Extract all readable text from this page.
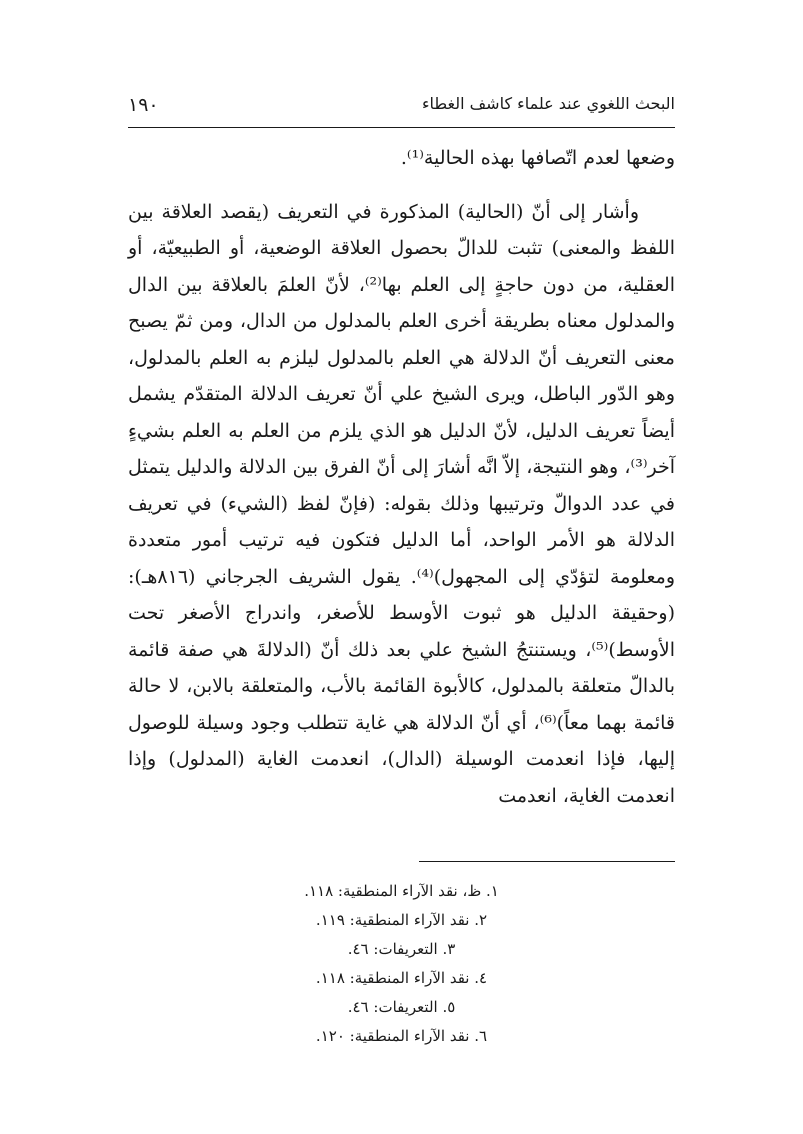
البحث اللغوي عند علماء كاشف الغطاء
١٩٠

وضعها لعدم اتّصافها بهذه الحالية⁽¹⁾.

وأشار إلى أنّ (الحالية) المذكورة في التعريف (يقصد العلاقة بين اللفظ والمعنى) تثبت للدالّ بحصول العلاقة الوضعية، أو الطبيعيّة، أو العقلية، من دون حاجةٍ إلى العلم بها⁽²⁾، لأنّ العلمَ بالعلاقة بين الدال والمدلول معناه بطريقة أخرى العلم بالمدلول من الدال، ومن ثمّ يصبح معنى التعريف أنّ الدلالة هي العلم بالمدلول ليلزم به العلم بالمدلول، وهو الدّور الباطل، ويرى الشيخ علي أنّ تعريف الدلالة المتقدّم يشمل أيضاً تعريف الدليل، لأنّ الدليل هو الذي يلزم من العلم به العلم بشيءٍ آخر⁽³⁾، وهو النتيجة، إلاّ انَّه أشارَ إلى أنّ الفرق بين الدلالة والدليل يتمثل في عدد الدوالّ وترتيبها وذلك بقوله: (فإنّ لفظ (الشيء) في تعريف الدلالة هو الأمر الواحد، أما الدليل فتكون فيه ترتيب أمور متعددة ومعلومة لتؤدّي إلى المجهول)⁽⁴⁾. يقول الشريف الجرجاني (٨١٦هـ): (وحقيقة الدليل هو ثبوت الأوسط للأصغر، واندراج الأصغر تحت الأوسط)⁽⁵⁾، ويستنتجُ الشيخ علي بعد ذلك أنّ (الدلالةَ هي صفة قائمة بالدالّ متعلقة بالمدلول، كالأبوة القائمة بالأب، والمتعلقة بالابن، لا حالة قائمة بهما معاً)⁽⁶⁾، أي أنّ الدلالة هي غاية تتطلب وجود وسيلة للوصول إليها، فإذا انعدمت الوسيلة (الدال)، انعدمت الغاية (المدلول) وإذا انعدمت الغاية، انعدمت

١. ظ، نقد الآراء المنطقية: ١١٨.
٢. نقد الآراء المنطقية: ١١٩.
٣. التعريفات: ٤٦.
٤. نقد الآراء المنطقية: ١١٨.
٥. التعريفات: ٤٦.
٦. نقد الآراء المنطقية: ١٢٠.
